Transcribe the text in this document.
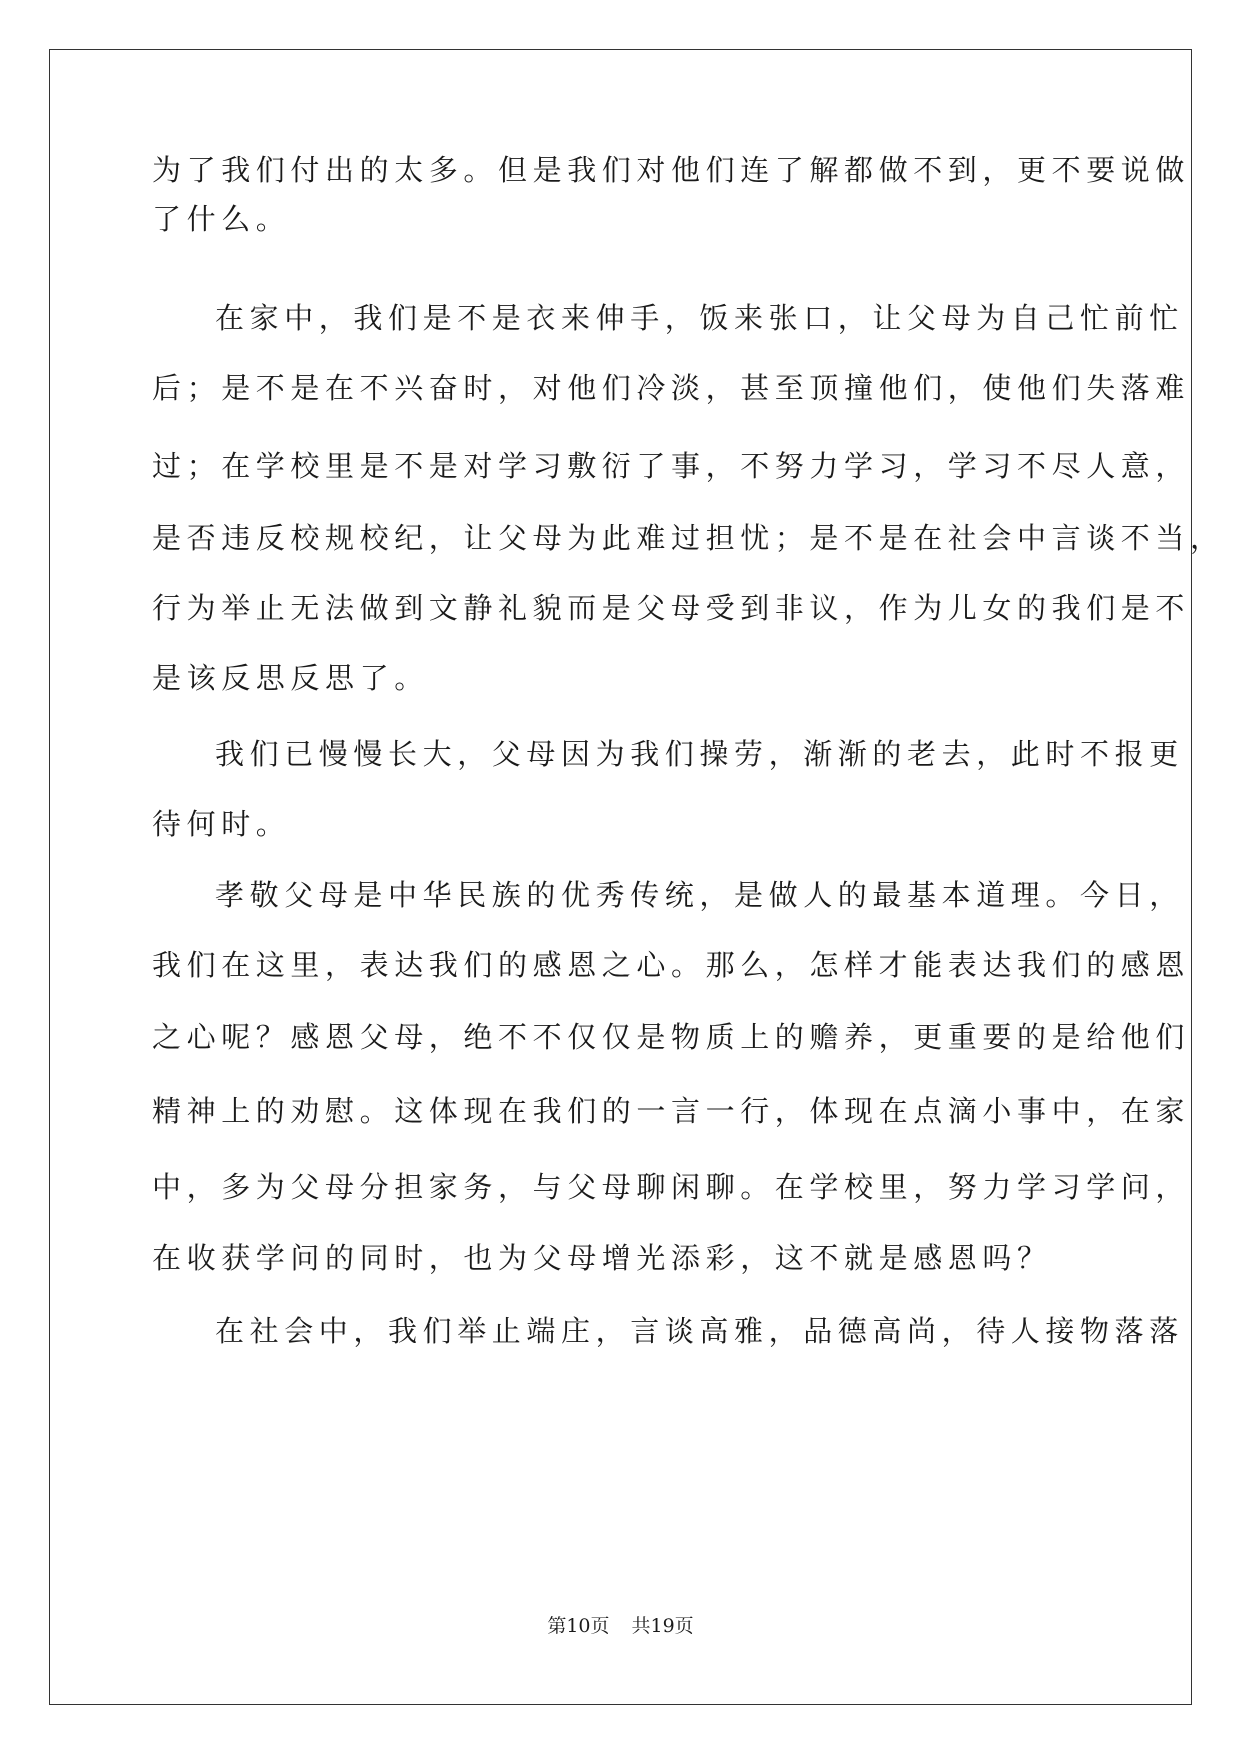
为了我们付出的太多。但是我们对他们连了解都做不到，更不要说做
了什么。
在家中，我们是不是衣来伸手，饭来张口，让父母为自己忙前忙
后；是不是在不兴奋时，对他们冷淡，甚至顶撞他们，使他们失落难
过；在学校里是不是对学习敷衍了事，不努力学习，学习不尽人意，
是否违反校规校纪，让父母为此难过担忧；是不是在社会中言谈不当，
行为举止无法做到文静礼貌而是父母受到非议，作为儿女的我们是不
是该反思反思了。
我们已慢慢长大，父母因为我们操劳，渐渐的老去，此时不报更
待何时。
孝敬父母是中华民族的优秀传统，是做人的最基本道理。今日，
我们在这里，表达我们的感恩之心。那么，怎样才能表达我们的感恩
之心呢？感恩父母，绝不不仅仅是物质上的赡养，更重要的是给他们
精神上的劝慰。这体现在我们的一言一行，体现在点滴小事中，在家
中，多为父母分担家务，与父母聊闲聊。在学校里，努力学习学问，
在收获学问的同时，也为父母增光添彩，这不就是感恩吗？
在社会中，我们举止端庄，言谈高雅，品德高尚，待人接物落落
第10页 共19页
